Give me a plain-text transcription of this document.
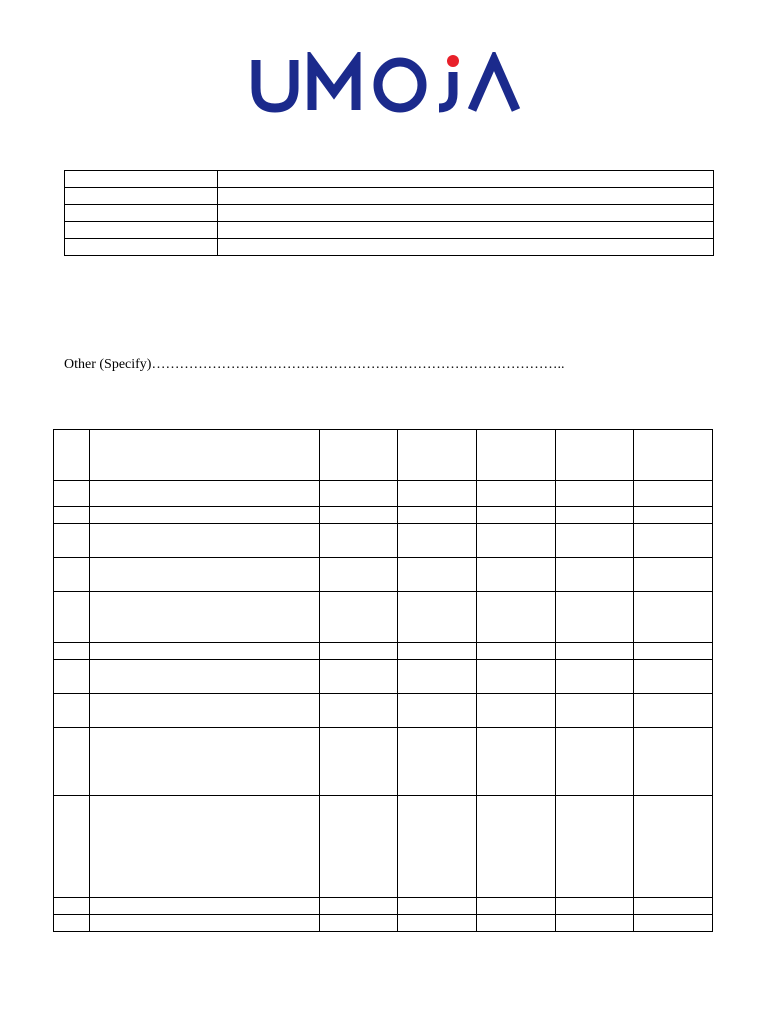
Other (Specify)……………………………………………………………………………..
